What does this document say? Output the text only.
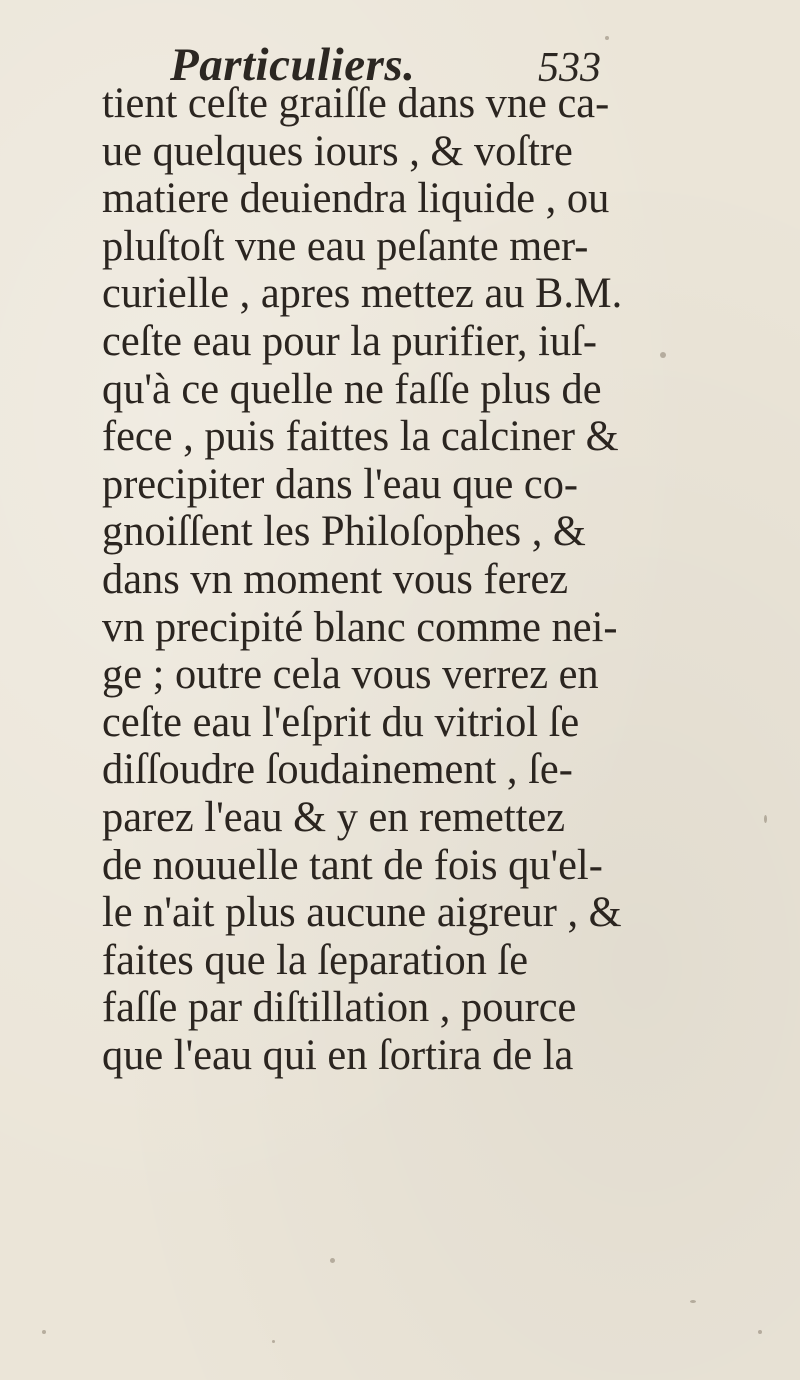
Particuliers.	533
tient ceſte graiſſe dans vne ca-
ue quelques iours , & voſtre
matiere deuiendra liquide , ou
pluſtoſt vne eau peſante mer-
curielle , apres mettez au B.M.
ceſte eau pour la purifier, iuſ-
qu'à ce quelle ne faſſe plus de
fece , puis faittes la calciner &
precipiter dans l'eau que co-
gnoiſſent les Philoſophes , &
dans vn moment vous ferez
vn precipité blanc comme nei-
ge ; outre cela vous verrez en
ceſte eau l'eſprit du vitriol ſe
diſſoudre ſoudainement , ſe-
parez l'eau & y en remettez
de nouuelle tant de fois qu'el-
le n'ait plus aucune aigreur , &
faites que la ſeparation ſe
faſſe par diſtillation , pource
que l'eau qui en ſortira de la
